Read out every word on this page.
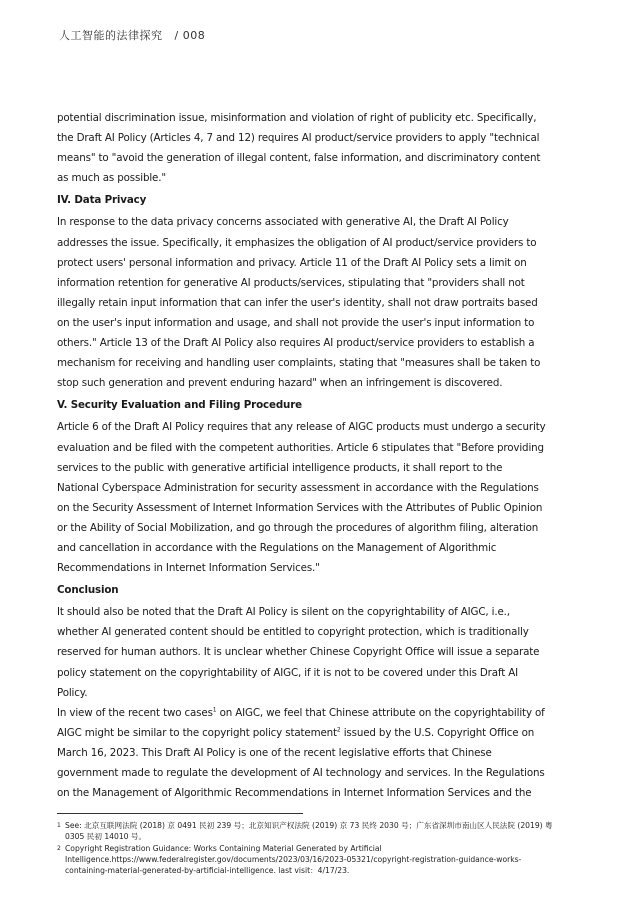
人工智能的法律探究 / 008

potential discrimination issue, misinformation and violation of right of publicity etc. Specifically, the Draft AI Policy (Articles 4, 7 and 12) requires AI product/service providers to apply "technical means" to "avoid the generation of illegal content, false information, and discriminatory content as much as possible."

IV. Data Privacy

In response to the data privacy concerns associated with generative AI, the Draft AI Policy addresses the issue. Specifically, it emphasizes the obligation of AI product/service providers to protect users' personal information and privacy. Article 11 of the Draft AI Policy sets a limit on information retention for generative AI products/services, stipulating that "providers shall not illegally retain input information that can infer the user's identity, shall not draw portraits based on the user's input information and usage, and shall not provide the user's input information to others." Article 13 of the Draft AI Policy also requires AI product/service providers to establish a mechanism for receiving and handling user complaints, stating that "measures shall be taken to stop such generation and prevent enduring hazard" when an infringement is discovered.

V. Security Evaluation and Filing Procedure

Article 6 of the Draft AI Policy requires that any release of AIGC products must undergo a security evaluation and be filed with the competent authorities. Article 6 stipulates that "Before providing services to the public with generative artificial intelligence products, it shall report to the National Cyberspace Administration for security assessment in accordance with the Regulations on the Security Assessment of Internet Information Services with the Attributes of Public Opinion or the Ability of Social Mobilization, and go through the procedures of algorithm filing, alteration and cancellation in accordance with the Regulations on the Management of Algorithmic Recommendations in Internet Information Services."

Conclusion

It should also be noted that the Draft AI Policy is silent on the copyrightability of AIGC, i.e., whether AI generated content should be entitled to copyright protection, which is traditionally reserved for human authors. It is unclear whether Chinese Copyright Office will issue a separate policy statement on the copyrightability of AIGC, if it is not to be covered under this Draft AI Policy.

In view of the recent two cases$^1$ on AIGC, we feel that Chinese attribute on the copyrightability of AIGC might be similar to the copyright policy statement$^2$ issued by the U.S. Copyright Office on March 16, 2023. This Draft AI Policy is one of the recent legislative efforts that Chinese government made to regulate the development of AI technology and services. In the Regulations on the Management of Algorithmic Recommendations in Internet Information Services and the

1 See: 北京互联网法院 (2018) 京 0491 民初 239 号；北京知识产权法院 (2019) 京 73 民终 2030 号；广东省深圳市南山区人民法院 (2019) 粤 0305 民初 14010 号。
2 Copyright Registration Guidance: Works Containing Material Generated by Artificial Intelligence.https://www.federalregister.gov/documents/2023/03/16/2023-05321/copyright-registration-guidance-works-containing-material-generated-by-artificial-intelligence. last visit：4/17/23.
